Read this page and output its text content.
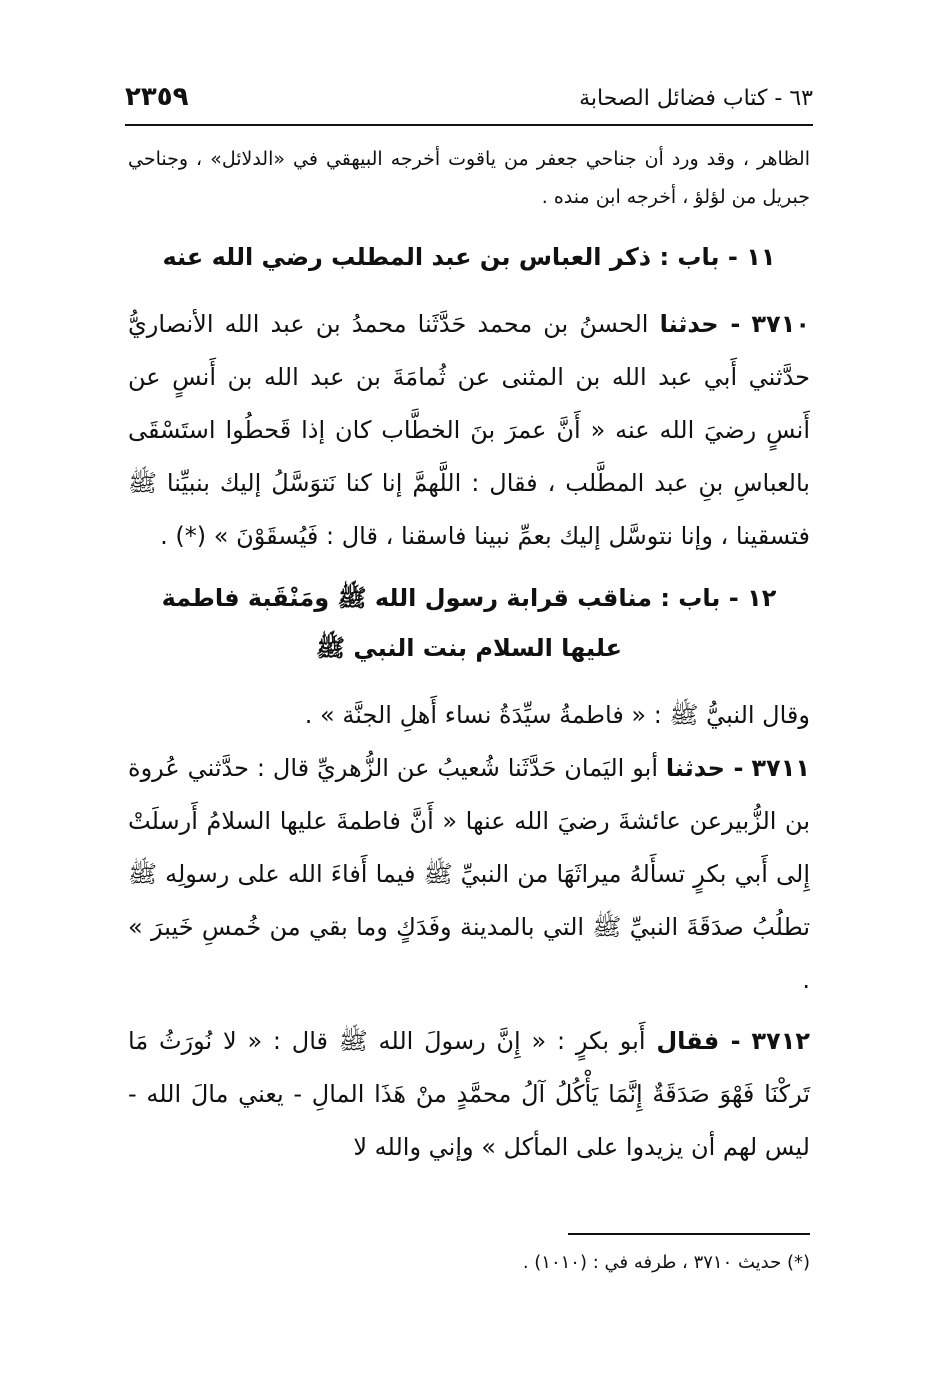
٦٣ - كتاب فضائل الصحابة
٢٣٥٩

الظاهر ، وقد ورد أن جناحي جعفر من ياقوت أخرجه البيهقي في «الدلائل» ، وجناحي جبريل من لؤلؤ ، أخرجه ابن منده .

١١ - باب : ذكر العباس بن عبد المطلب رضي الله عنه

٣٧١٠ - حدثنا الحسنُ بن محمد حَدَّثَنا محمدُ بن عبد الله الأنصاريُّ حدَّثني أَبي عبد الله بن المثنى عن ثُمامَةَ بن عبد الله بن أَنسٍ عن أَنسٍ رضيَ الله عنه « أَنَّ عمرَ بنَ الخطَّاب كان إذا قَحطُوا استَسْقَى بالعباسِ بنِ عبد المطَّلب ، فقال : اللَّهمَّ إنا كنا نَتوَسَّلُ إليك بنبيِّنا ﷺ فتسقينا ، وإنا نتوسَّل إليك بعمِّ نبينا فاسقنا ، قال : فَيُسقَوْنَ » (*) .

١٢ - باب : مناقب قرابة رسول الله ﷺ ومَنْقَبة فاطمة

عليها السلام بنت النبي ﷺ

وقال النبيُّ ﷺ : « فاطمةُ سيِّدَةُ نساء أَهلِ الجنَّة » .

٣٧١١ - حدثنا أبو اليَمان حَدَّثَنا شُعيبُ عن الزُّهريِّ قال : حدَّثني عُروة بن الزُّبيرعن عائشةَ رضيَ الله عنها « أَنَّ فاطمةَ عليها السلامُ أَرسلَتْ إِلى أَبي بكرٍ تسأَلهُ ميراثَهَا من النبيِّ ﷺ فيما أَفاءَ الله على رسولِه ﷺ تطلُبُ صدَقَةَ النبيِّ ﷺ التي بالمدينة وفَدَكٍ وما بقي من خُمسِ خَيبرَ » .

٣٧١٢ - فقال أَبو بكرٍ : « إِنَّ رسولَ الله ﷺ قال : « لا نُورَثُ مَا تَركْنَا فَهْوَ صَدَقَةٌ إِنَّمَا يَأْكُلُ آلُ محمَّدٍ منْ هَذَا المالِ - يعني مالَ الله - ليس لهم أن يزيدوا على المأكل » وإني والله لا

(*) حديث ٣٧١٠ ، طرفه في : (١٠١٠) .
